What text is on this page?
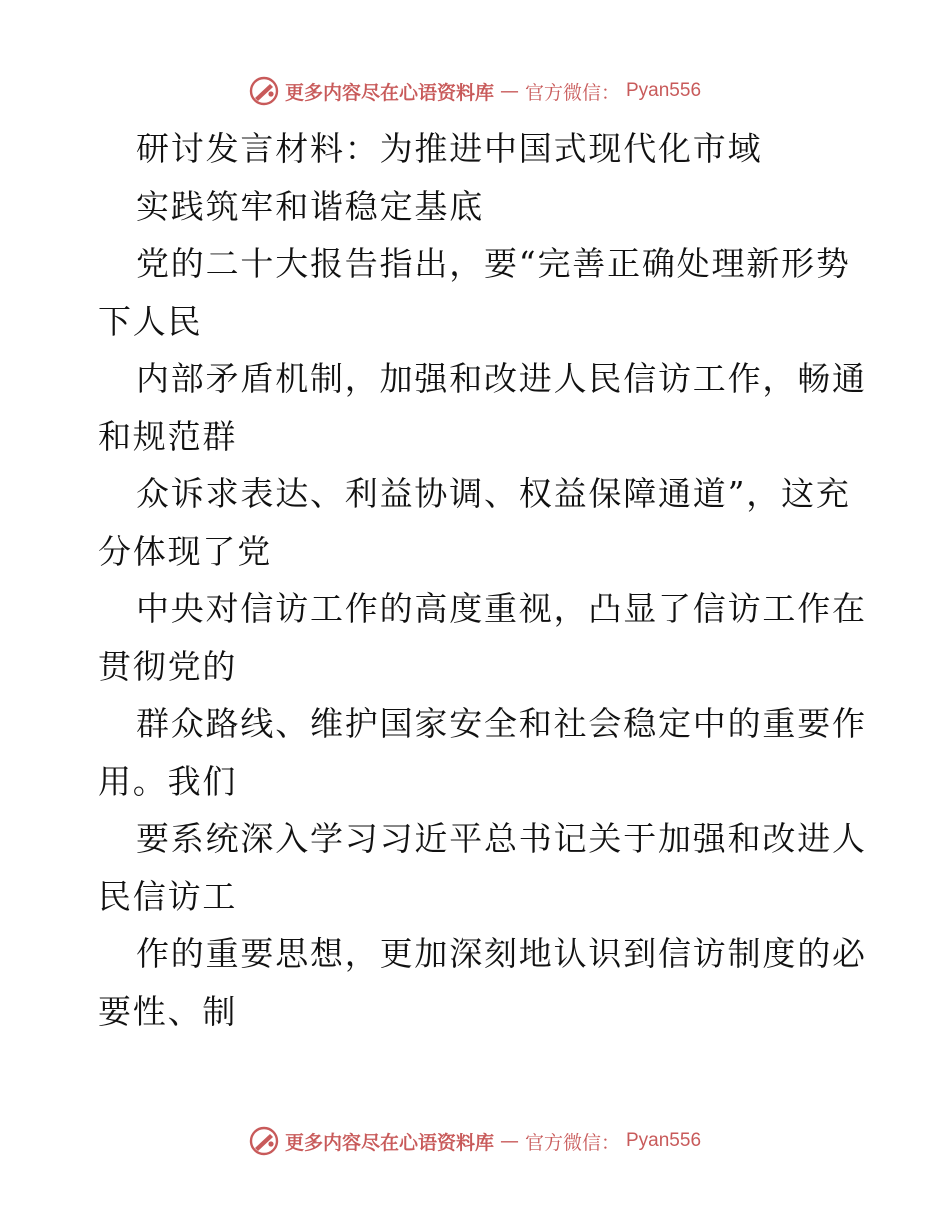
更多内容尽在心语资料库 — 官方微信： Pyan556
研讨发言材料：为推进中国式现代化市域
实践筑牢和谐稳定基底
党的二十大报告指出，要“完善正确处理新形势
下人民
内部矛盾机制，加强和改进人民信访工作，畅通
和规范群
众诉求表达、利益协调、权益保障通道”，这充
分体现了党
中央对信访工作的高度重视，凸显了信访工作在
贯彻党的
群众路线、维护国家安全和社会稳定中的重要作
用。我们
要系统深入学习习近平总书记关于加强和改进人
民信访工
作的重要思想，更加深刻地认识到信访制度的必
要性、制
更多内容尽在心语资料库 — 官方微信： Pyan556
